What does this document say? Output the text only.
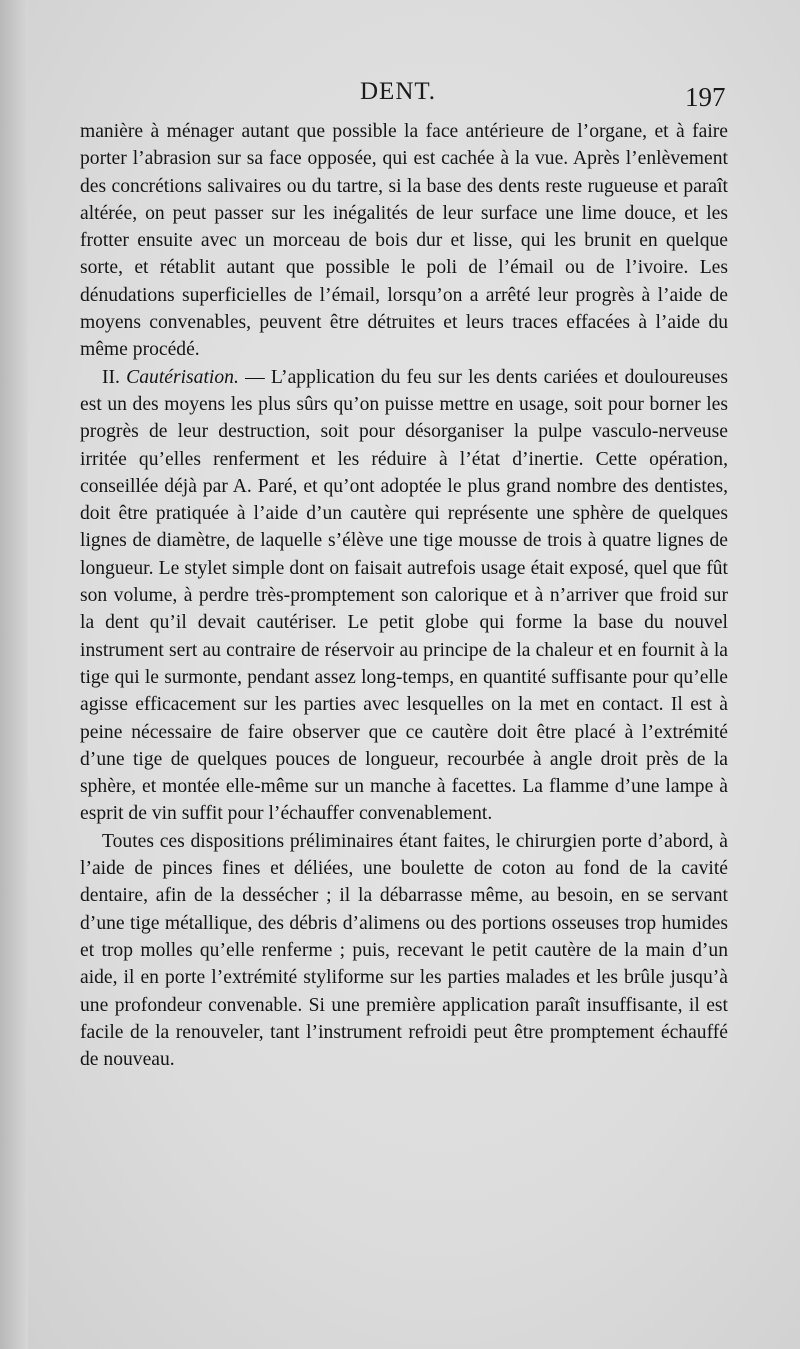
DENT.	197

manière à ménager autant que possible la face antérieure de l’organe, et à faire porter l’abrasion sur sa face opposée, qui est cachée à la vue. Après l’enlèvement des concrétions salivaires ou du tartre, si la base des dents reste rugueuse et paraît altérée, on peut passer sur les inégalités de leur surface une lime douce, et les frotter ensuite avec un morceau de bois dur et lisse, qui les brunit en quelque sorte, et rétablit autant que possible le poli de l’émail ou de l’ivoire. Les dénudations superficielles de l’émail, lorsqu’on a arrêté leur progrès à l’aide de moyens convenables, peuvent être détruites et leurs traces effacées à l’aide du même procédé.

II. Cautérisation. — L’application du feu sur les dents cariées et douloureuses est un des moyens les plus sûrs qu’on puisse mettre en usage, soit pour borner les progrès de leur destruction, soit pour désorganiser la pulpe vasculo-nerveuse irritée qu’elles renferment et les réduire à l’état d’inertie. Cette opération, conseillée déjà par A. Paré, et qu’ont adoptée le plus grand nombre des dentistes, doit être pratiquée à l’aide d’un cautère qui représente une sphère de quelques lignes de diamètre, de laquelle s’élève une tige mousse de trois à quatre lignes de longueur. Le stylet simple dont on faisait autrefois usage était exposé, quel que fût son volume, à perdre très-promptement son calorique et à n’arriver que froid sur la dent qu’il devait cautériser. Le petit globe qui forme la base du nouvel instrument sert au contraire de réservoir au principe de la chaleur et en fournit à la tige qui le surmonte, pendant assez long-temps, en quantité suffisante pour qu’elle agisse efficacement sur les parties avec lesquelles on la met en contact. Il est à peine nécessaire de faire observer que ce cautère doit être placé à l’extrémité d’une tige de quelques pouces de longueur, recourbée à angle droit près de la sphère, et montée elle-même sur un manche à facettes. La flamme d’une lampe à esprit de vin suffit pour l’échauffer convenablement.

Toutes ces dispositions préliminaires étant faites, le chirurgien porte d’abord, à l’aide de pinces fines et déliées, une boulette de coton au fond de la cavité dentaire, afin de la dessécher ; il la débarrasse même, au besoin, en se servant d’une tige métallique, des débris d’alimens ou des portions osseuses trop humides et trop molles qu’elle renferme ; puis, recevant le petit cautère de la main d’un aide, il en porte l’extrémité styliforme sur les parties malades et les brûle jusqu’à une profondeur convenable. Si une première application paraît insuffisante, il est facile de la renouveler, tant l’instrument refroidi peut être promptement échauffé de nouveau.
